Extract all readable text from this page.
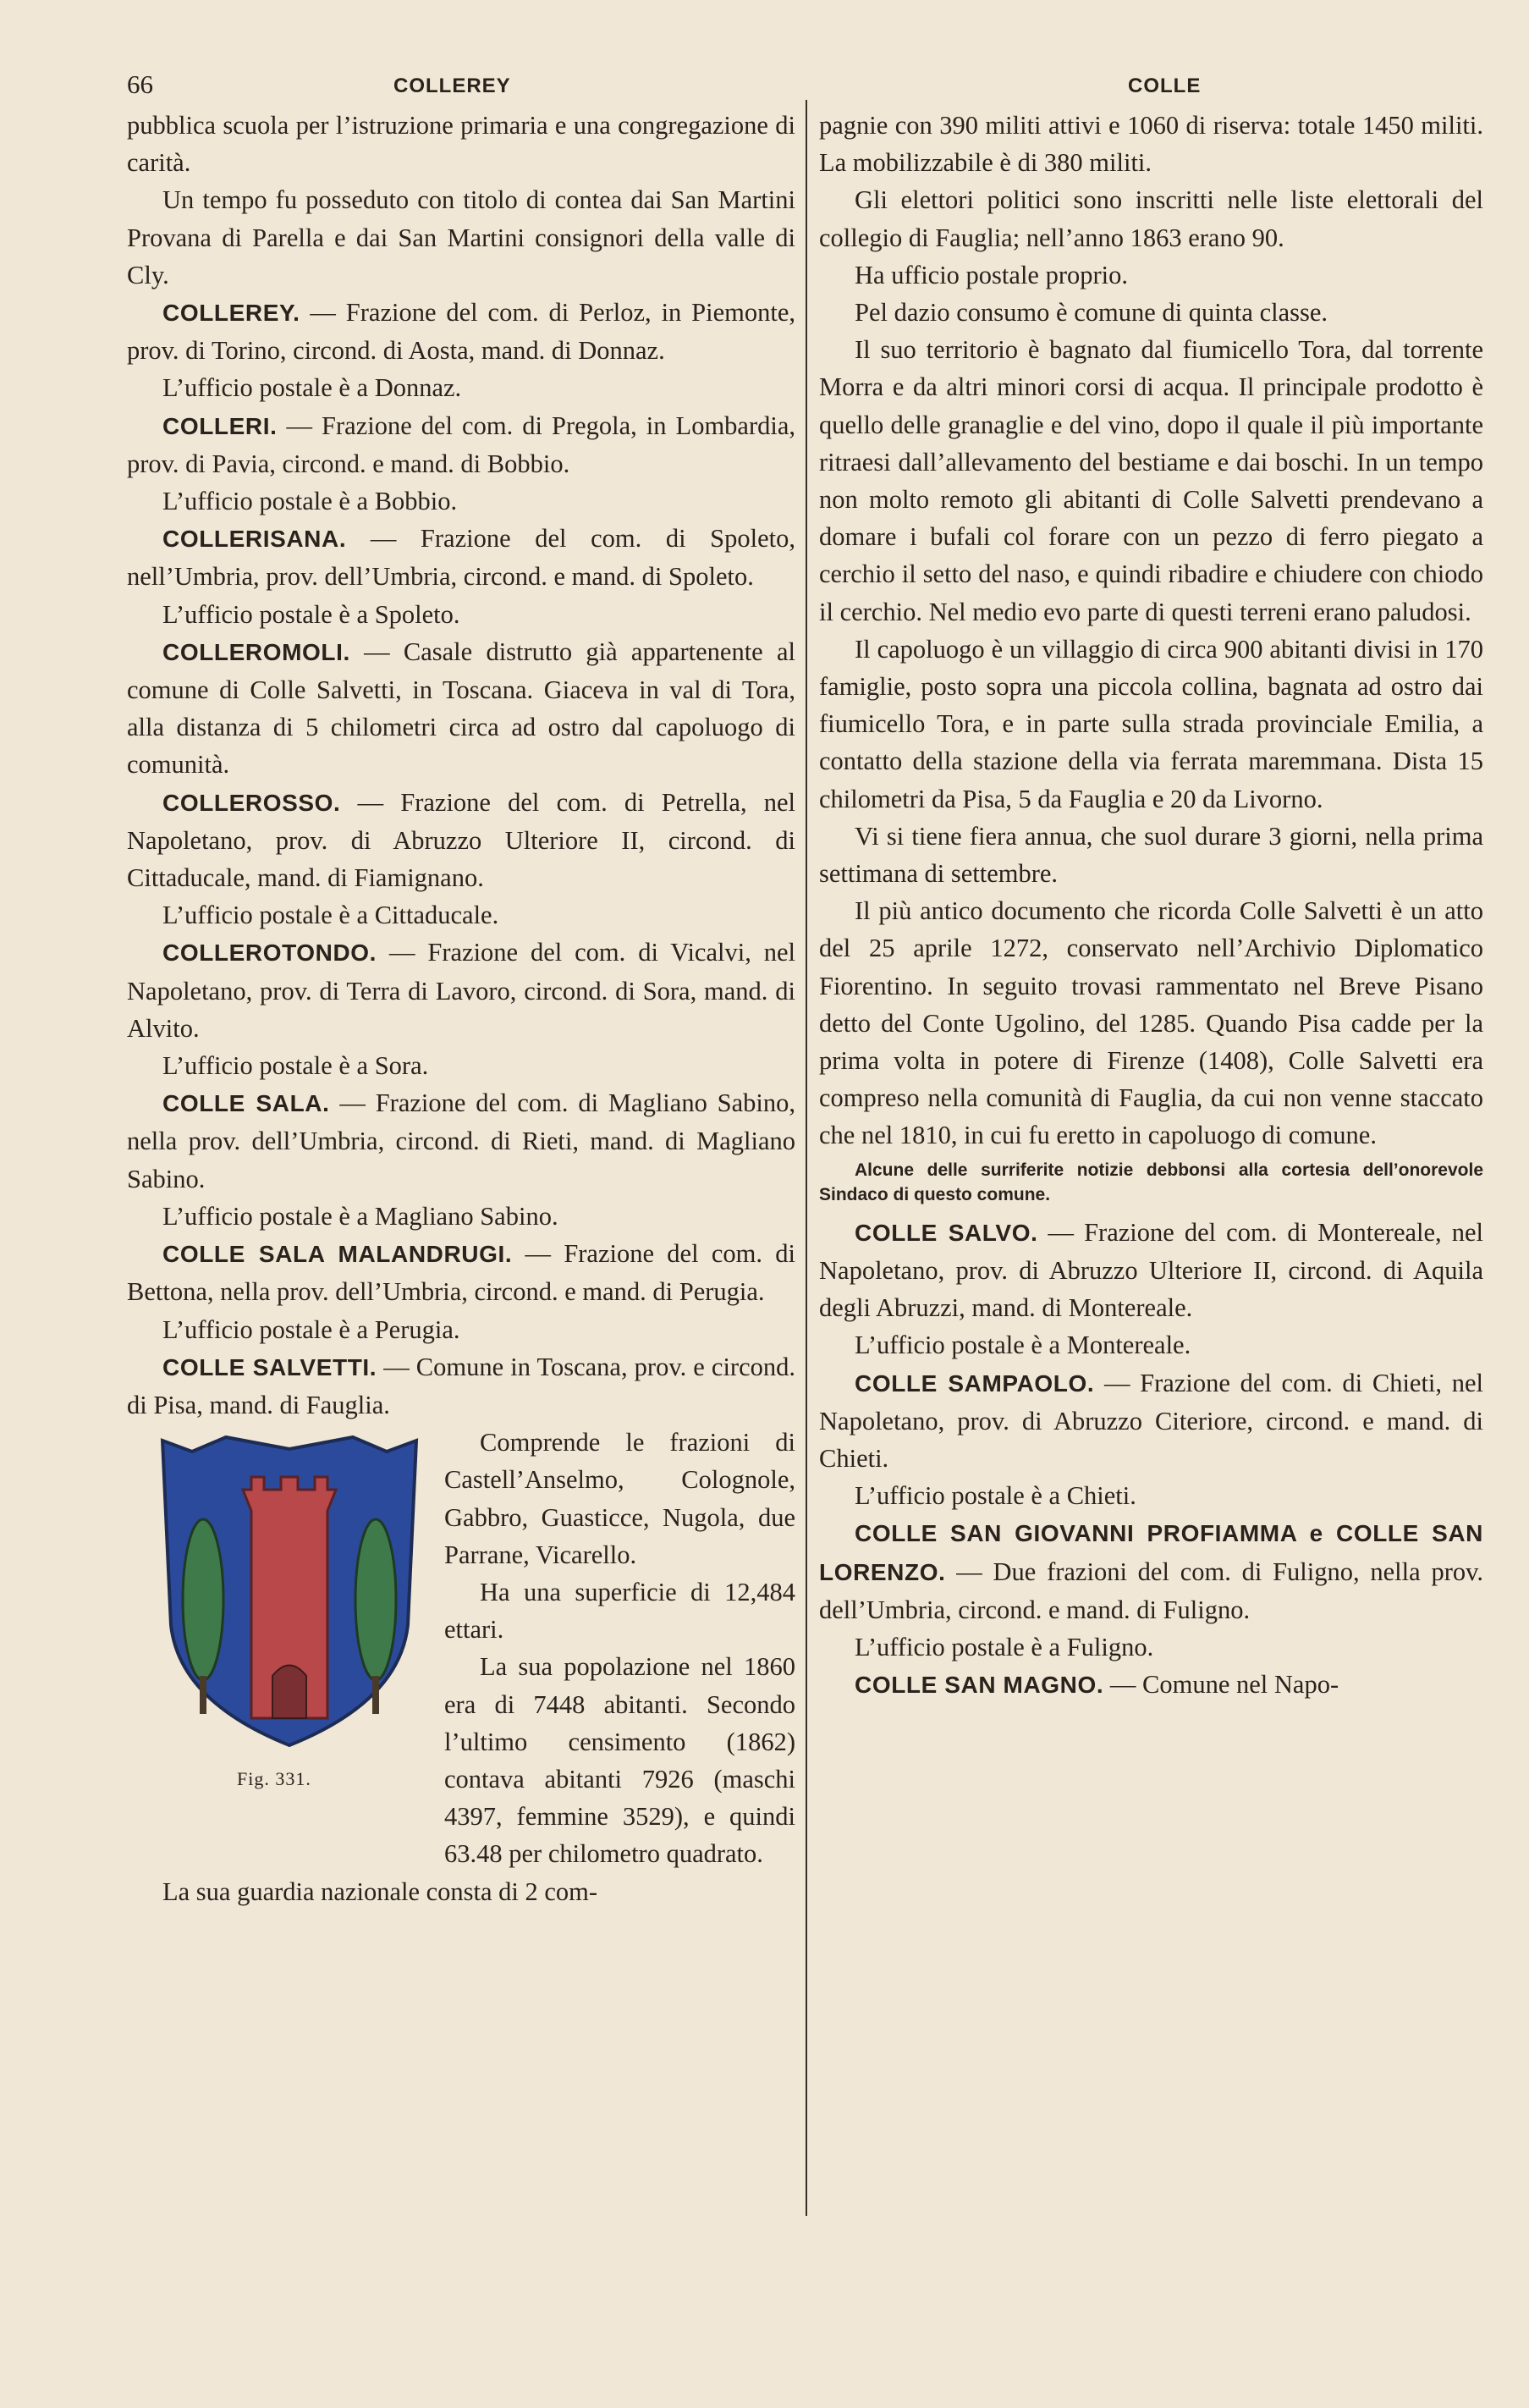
66	COLLEREY	COLLE

pubblica scuola per l’istruzione primaria e una congregazione di carità.

Un tempo fu posseduto con titolo di contea dai San Martini Provana di Parella e dai San Martini consignori della valle di Cly.

COLLEREY. — Frazione del com. di Perloz, in Piemonte, prov. di Torino, circond. di Aosta, mand. di Donnaz.

L’ufficio postale è a Donnaz.

COLLERI. — Frazione del com. di Pregola, in Lombardia, prov. di Pavia, circond. e mand. di Bobbio.

L’ufficio postale è a Bobbio.

COLLERISANA. — Frazione del com. di Spoleto, nell’Umbria, prov. dell’Umbria, circond. e mand. di Spoleto.

L’ufficio postale è a Spoleto.

COLLEROMOLI. — Casale distrutto già appartenente al comune di Colle Salvetti, in Toscana. Giaceva in val di Tora, alla distanza di 5 chilometri circa ad ostro dal capoluogo di comunità.

COLLEROSSO. — Frazione del com. di Petrella, nel Napoletano, prov. di Abruzzo Ulteriore II, circond. di Cittaducale, mand. di Fiamignano.

L’ufficio postale è a Cittaducale.

COLLEROTONDO. — Frazione del com. di Vicalvi, nel Napoletano, prov. di Terra di Lavoro, circond. di Sora, mand. di Alvito.

L’ufficio postale è a Sora.

COLLE SALA. — Frazione del com. di Magliano Sabino, nella prov. dell’Umbria, circond. di Rieti, mand. di Magliano Sabino.

L’ufficio postale è a Magliano Sabino.

COLLE SALA MALANDRUGI. — Frazione del com. di Bettona, nella prov. dell’Umbria, circond. e mand. di Perugia.

L’ufficio postale è a Perugia.

COLLE SALVETTI. — Comune in Toscana, prov. e circond. di Pisa, mand. di Fauglia.

Fig. 331.

Comprende le frazioni di Castell’Anselmo, Colognole, Gabbro, Guasticce, Nugola, due Parrane, Vicarello.

Ha una superficie di 12,484 ettari.

La sua popolazione nel 1860 era di 7448 abitanti. Secondo l’ultimo censimento (1862) contava abitanti 7926 (maschi 4397, femmine 3529), e quindi 63.48 per chilometro quadrato.

La sua guardia nazionale consta di 2 com-

pagnie con 390 militi attivi e 1060 di riserva: totale 1450 militi. La mobilizzabile è di 380 militi.

Gli elettori politici sono inscritti nelle liste elettorali del collegio di Fauglia; nell’anno 1863 erano 90.

Ha ufficio postale proprio.

Pel dazio consumo è comune di quinta classe.

Il suo territorio è bagnato dal fiumicello Tora, dal torrente Morra e da altri minori corsi di acqua. Il principale prodotto è quello delle granaglie e del vino, dopo il quale il più importante ritraesi dall’allevamento del bestiame e dai boschi. In un tempo non molto remoto gli abitanti di Colle Salvetti prendevano a domare i bufali col forare con un pezzo di ferro piegato a cerchio il setto del naso, e quindi ribadire e chiudere con chiodo il cerchio. Nel medio evo parte di questi terreni erano paludosi.

Il capoluogo è un villaggio di circa 900 abitanti divisi in 170 famiglie, posto sopra una piccola collina, bagnata ad ostro dai fiumicello Tora, e in parte sulla strada provinciale Emilia, a contatto della stazione della via ferrata maremmana. Dista 15 chilometri da Pisa, 5 da Fauglia e 20 da Livorno.

Vi si tiene fiera annua, che suol durare 3 giorni, nella prima settimana di settembre.

Il più antico documento che ricorda Colle Salvetti è un atto del 25 aprile 1272, conservato nell’Archivio Diplomatico Fiorentino. In seguito trovasi rammentato nel Breve Pisano detto del Conte Ugolino, del 1285. Quando Pisa cadde per la prima volta in potere di Firenze (1408), Colle Salvetti era compreso nella comunità di Fauglia, da cui non venne staccato che nel 1810, in cui fu eretto in capoluogo di comune.

Alcune delle surriferite notizie debbonsi alla cortesia dell’onorevole Sindaco di questo comune.

COLLE SALVO. — Frazione del com. di Montereale, nel Napoletano, prov. di Abruzzo Ulteriore II, circond. di Aquila degli Abruzzi, mand. di Montereale.

L’ufficio postale è a Montereale.

COLLE SAMPAOLO. — Frazione del com. di Chieti, nel Napoletano, prov. di Abruzzo Citeriore, circond. e mand. di Chieti.

L’ufficio postale è a Chieti.

COLLE SAN GIOVANNI PROFIAMMA e COLLE SAN LORENZO. — Due frazioni del com. di Fuligno, nella prov. dell’Umbria, circond. e mand. di Fuligno.

L’ufficio postale è a Fuligno.

COLLE SAN MAGNO. — Comune nel Napo-
